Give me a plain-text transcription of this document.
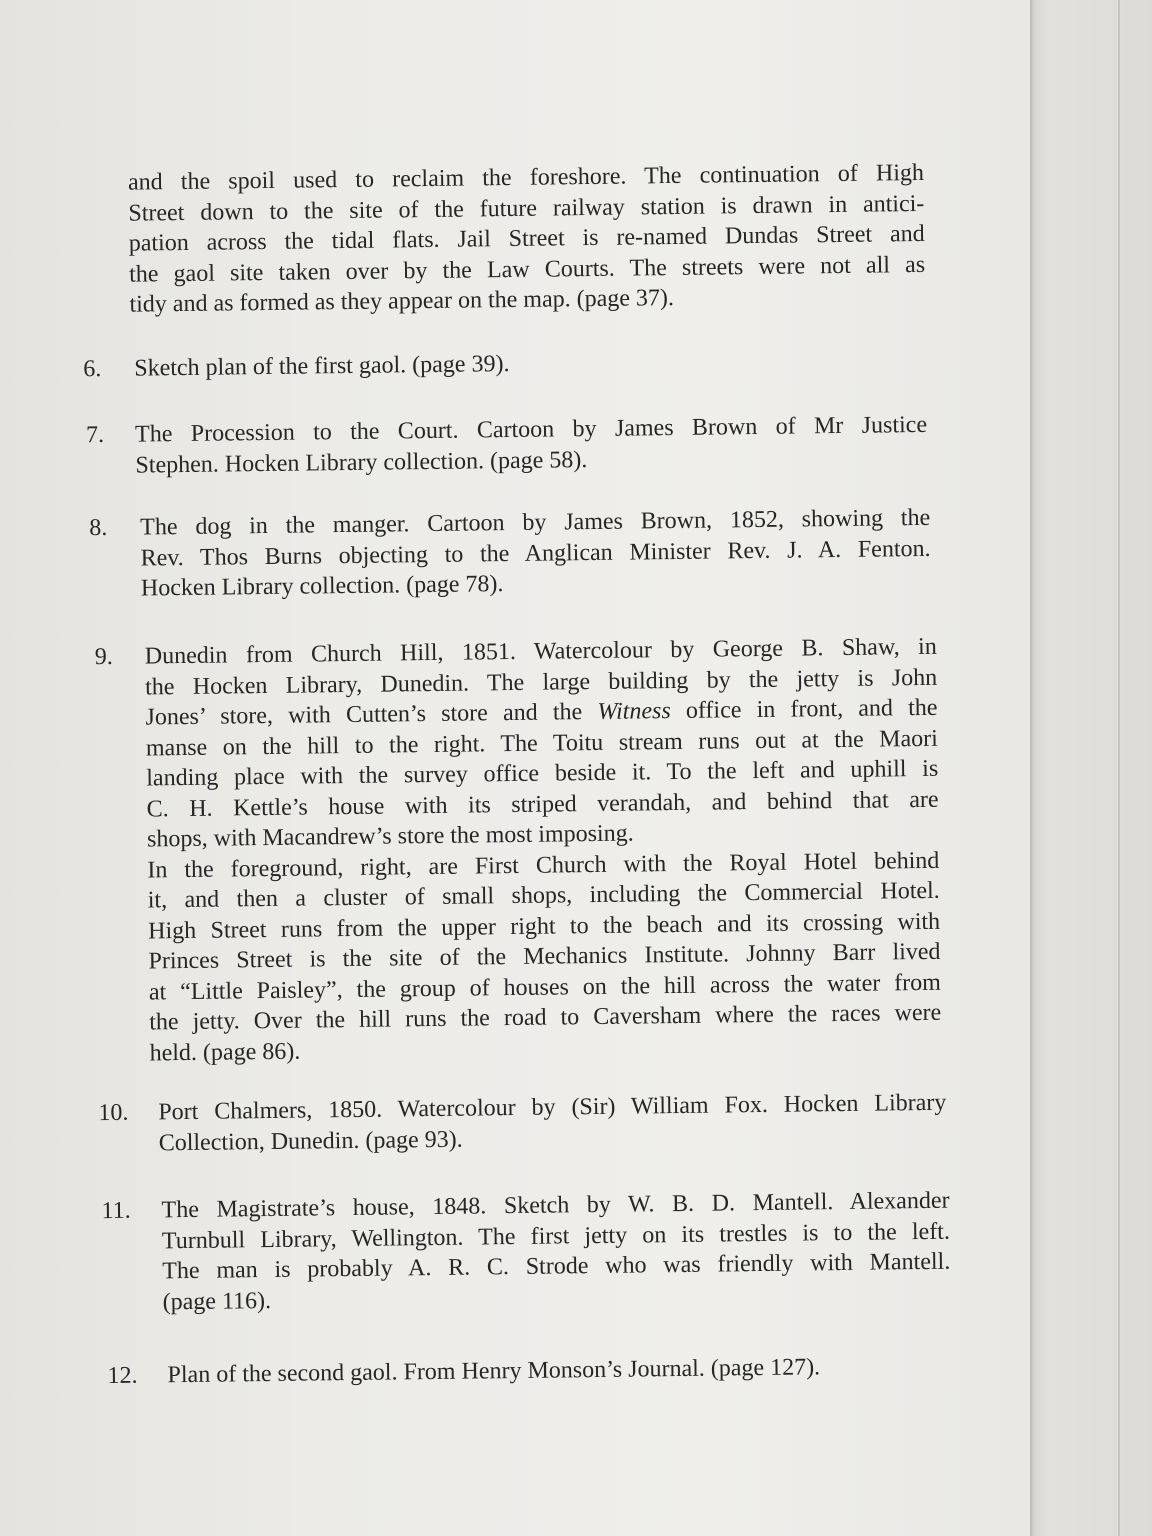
and the spoil used to reclaim the foreshore. The continuation of High
Street down to the site of the future railway station is drawn in antici-
pation across the tidal flats. Jail Street is re-named Dundas Street and
the gaol site taken over by the Law Courts. The streets were not all as
tidy and as formed as they appear on the map. (page 37).
6. Sketch plan of the first gaol. (page 39).
7. The Procession to the Court. Cartoon by James Brown of Mr Justice
Stephen. Hocken Library collection. (page 58).
8. The dog in the manger. Cartoon by James Brown, 1852, showing the
Rev. Thos Burns objecting to the Anglican Minister Rev. J. A. Fenton.
Hocken Library collection. (page 78).
9. Dunedin from Church Hill, 1851. Watercolour by George B. Shaw, in
the Hocken Library, Dunedin. The large building by the jetty is John
Jones’ store, with Cutten’s store and the Witness office in front, and the
manse on the hill to the right. The Toitu stream runs out at the Maori
landing place with the survey office beside it. To the left and uphill is
C. H. Kettle’s house with its striped verandah, and behind that are
shops, with Macandrew’s store the most imposing.
In the foreground, right, are First Church with the Royal Hotel behind
it, and then a cluster of small shops, including the Commercial Hotel.
High Street runs from the upper right to the beach and its crossing with
Princes Street is the site of the Mechanics Institute. Johnny Barr lived
at “Little Paisley”, the group of houses on the hill across the water from
the jetty. Over the hill runs the road to Caversham where the races were
held. (page 86).
10. Port Chalmers, 1850. Watercolour by (Sir) William Fox. Hocken Library
Collection, Dunedin. (page 93).
11. The Magistrate’s house, 1848. Sketch by W. B. D. Mantell. Alexander
Turnbull Library, Wellington. The first jetty on its trestles is to the left.
The man is probably A. R. C. Strode who was friendly with Mantell.
(page 116).
12. Plan of the second gaol. From Henry Monson’s Journal. (page 127).
